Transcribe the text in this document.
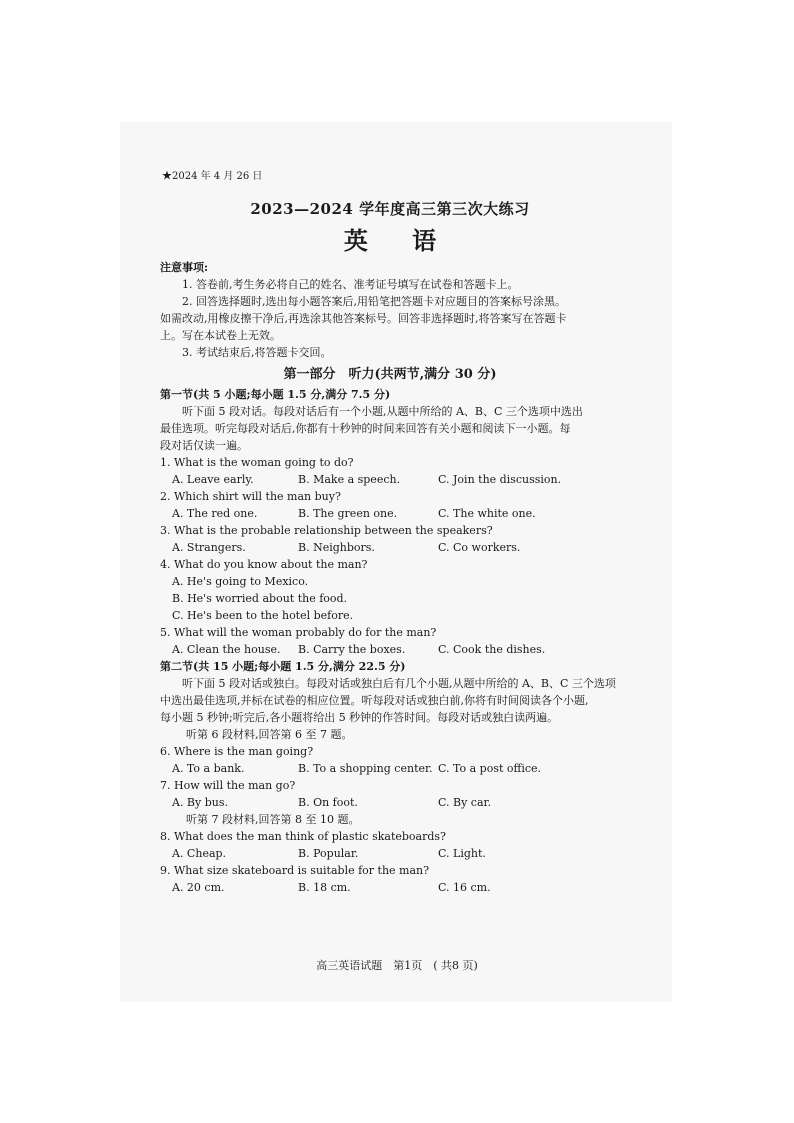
★2024 年 4 月 26 日
2023—2024 学年度高三第三次大练习
英 语
注意事项:

1. 答卷前,考生务必将自己的姓名、准考证号填写在试卷和答题卡上。

2. 回答选择题时,选出每小题答案后,用铅笔把答题卡对应题目的答案标号涂黑。

如需改动,用橡皮擦干净后,再选涂其他答案标号。回答非选择题时,将答案写在答题卡

上。写在本试卷上无效。

3. 考试结束后,将答题卡交回。

第一部分　听力(共两节,满分 30 分)
第一节(共 5 小题;每小题 1.5 分,满分 7.5 分)

听下面 5 段对话。每段对话后有一个小题,从题中所给的 A、B、C 三个选项中选出

最佳选项。听完每段对话后,你都有十秒钟的时间来回答有关小题和阅读下一小题。每

段对话仅读一遍。

1. What is the woman going to do?

A. Leave early.	B. Make a speech.	C. Join the discussion.

2. Which shirt will the man buy?

A. The red one.	B. The green one.	C. The white one.

3. What is the probable relationship between the speakers?

A. Strangers.	B. Neighbors.	C. Co workers.

4. What do you know about the man?

A. He's going to Mexico.

B. He's worried about the food.

C. He's been to the hotel before.

5. What will the woman probably do for the man?

A. Clean the house.	B. Carry the boxes.	C. Cook the dishes.
第二节(共 15 小题;每小题 1.5 分,满分 22.5 分)

听下面 5 段对话或独白。每段对话或独白后有几个小题,从题中所给的 A、B、C 三个选项

中选出最佳选项,并标在试卷的相应位置。听每段对话或独白前,你将有时间阅读各个小题,

每小题 5 秒钟;听完后,各小题将给出 5 秒钟的作答时间。每段对话或独白读两遍。

听第 6 段材料,回答第 6 至 7 题。

6. Where is the man going?

A. To a bank.	B. To a shopping center. C. To a post office.

7. How will the man go?

A. By bus.	B. On foot.	C. By car.

听第 7 段材料,回答第 8 至 10 题。

8. What does the man think of plastic skateboards?

A. Cheap.	B. Popular.	C. Light.

9. What size skateboard is suitable for the man?

A. 20 cm.	B. 18 cm.	C. 16 cm.
高三英语试题　第1页　( 共8 页)
